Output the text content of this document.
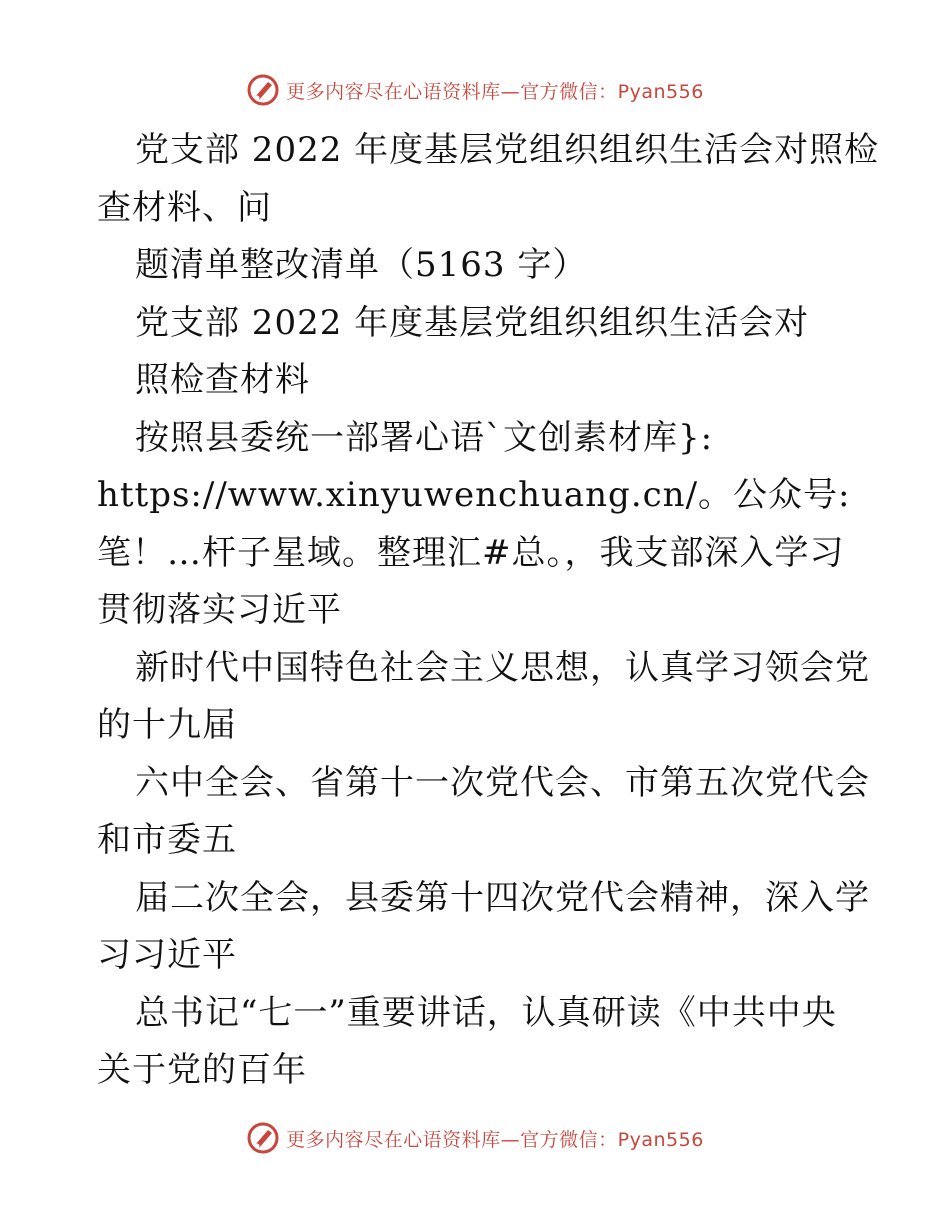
更多内容尽在心语资料库—官方微信：Pyan556
党支部 2022 年度基层党组织组织生活会对照检
查材料、问
题清单整改清单（5163 字）
党支部 2022 年度基层党组织组织生活会对
照检查材料
按照县委统一部署心语`文创素材库}:
https://www.xinyuwenchuang.cn/。公众号:
笔！…杆子星域。整理汇#总。，我支部深入学习
贯彻落实习近平
新时代中国特色社会主义思想，认真学习领会党
的十九届
六中全会、省第十一次党代会、市第五次党代会
和市委五
届二次全会，县委第十四次党代会精神，深入学
习习近平
总书记“七一”重要讲话，认真研读《中共中央
关于党的百年
更多内容尽在心语资料库—官方微信：Pyan556
